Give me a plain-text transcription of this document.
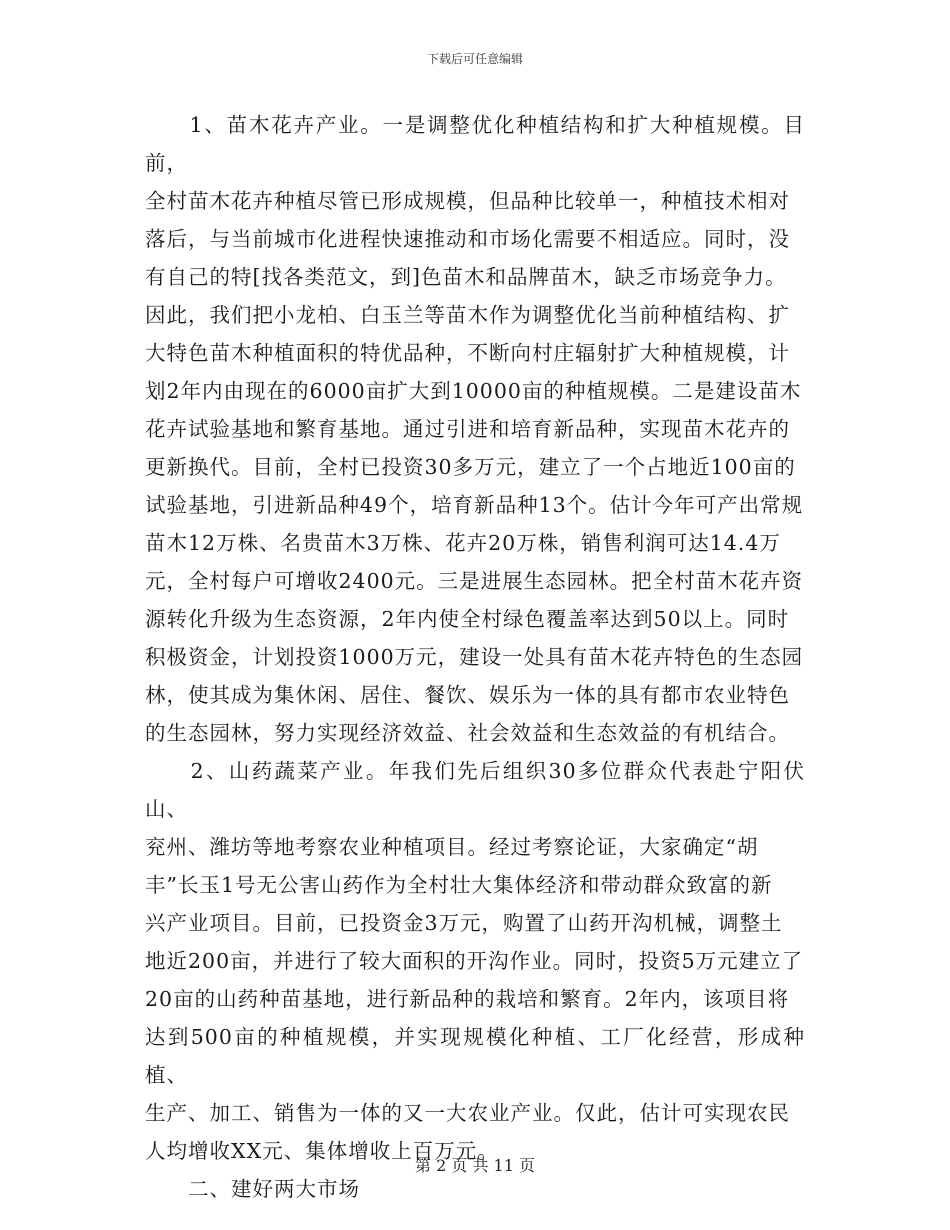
下载后可任意编辑

　　1、苗木花卉产业。一是调整优化种植结构和扩大种植规模。目前，

全村苗木花卉种植尽管已形成规模，但品种比较单一，种植技术相对

落后，与当前城市化进程快速推动和市场化需要不相适应。同时，没

有自己的特[找各类范文，到]色苗木和品牌苗木，缺乏市场竞争力。

因此，我们把小龙柏、白玉兰等苗木作为调整优化当前种植结构、扩

大特色苗木种植面积的特优品种，不断向村庄辐射扩大种植规模，计

划2年内由现在的6000亩扩大到10000亩的种植规模。二是建设苗木

花卉试验基地和繁育基地。通过引进和培育新品种，实现苗木花卉的

更新换代。目前，全村已投资30多万元，建立了一个占地近100亩的

试验基地，引进新品种49个，培育新品种13个。估计今年可产出常规

苗木12万株、名贵苗木3万株、花卉20万株，销售利润可达14.4万

元，全村每户可增收2400元。三是进展生态园林。把全村苗木花卉资

源转化升级为生态资源，2年内使全村绿色覆盖率达到50以上。同时

积极资金，计划投资1000万元，建设一处具有苗木花卉特色的生态园

林，使其成为集休闲、居住、餐饮、娱乐为一体的具有都市农业特色

的生态园林，努力实现经济效益、社会效益和生态效益的有机结合。

　　2、山药蔬菜产业。年我们先后组织30多位群众代表赴宁阳伏山、

兖州、潍坊等地考察农业种植项目。经过考察论证，大家确定“胡

丰”长玉1号无公害山药作为全村壮大集体经济和带动群众致富的新

兴产业项目。目前，已投资金3万元，购置了山药开沟机械，调整土

地近200亩，并进行了较大面积的开沟作业。同时，投资5万元建立了

20亩的山药种苗基地，进行新品种的栽培和繁育。2年内，该项目将

达到500亩的种植规模，并实现规模化种植、工厂化经营，形成种植、

生产、加工、销售为一体的又一大农业产业。仅此，估计可实现农民

人均增收XX元、集体增收上百万元。

　　二、建好两大市场

第 2 页 共 11 页
